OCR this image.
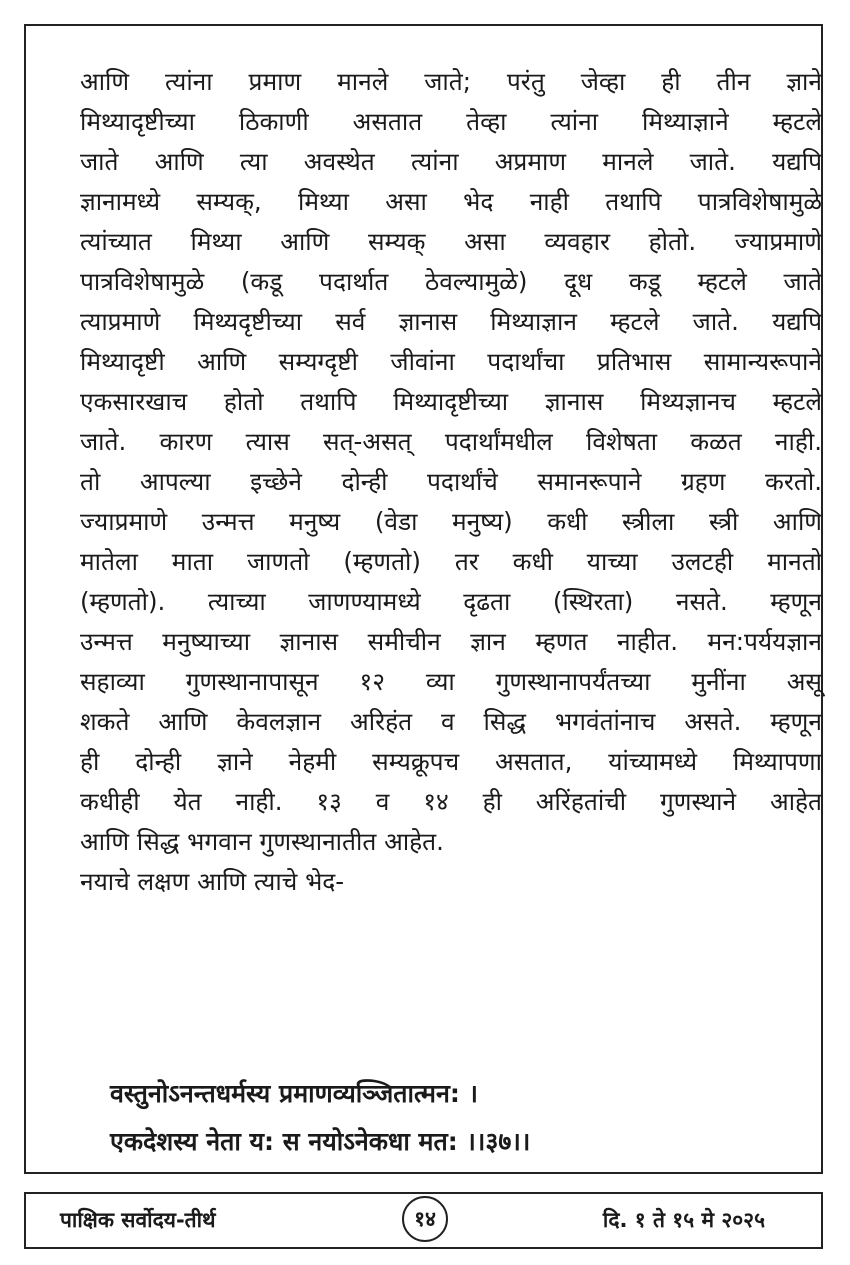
आणि त्यांना प्रमाण मानले जाते; परंतु जेव्हा ही तीन ज्ञाने
मिथ्यादृष्टीच्या ठिकाणी असतात तेव्हा त्यांना मिथ्याज्ञाने म्हटले
जाते आणि त्या अवस्थेत त्यांना अप्रमाण मानले जाते. यद्यपि
ज्ञानामध्ये सम्यक्, मिथ्या असा भेद नाही तथापि पात्रविशेषामुळे
त्यांच्यात मिथ्या आणि सम्यक् असा व्यवहार होतो. ज्याप्रमाणे
पात्रविशेषामुळे (कडू पदार्थात ठेवल्यामुळे) दूध कडू म्हटले जाते
त्याप्रमाणे मिथ्यदृष्टीच्या सर्व ज्ञानास मिथ्याज्ञान म्हटले जाते. यद्यपि
मिथ्यादृष्टी आणि सम्यग्दृष्टी जीवांना पदार्थांचा प्रतिभास सामान्यरूपाने
एकसारखाच होतो तथापि मिथ्यादृष्टीच्या ज्ञानास मिथ्यज्ञानच म्हटले
जाते. कारण त्यास सत्-असत् पदार्थांमधील विशेषता कळत नाही.
तो आपल्या इच्छेने दोन्ही पदार्थांचे समानरूपाने ग्रहण करतो.
ज्याप्रमाणे उन्मत्त मनुष्य (वेडा मनुष्य) कधी स्त्रीला स्त्री आणि
मातेला माता जाणतो (म्हणतो) तर कधी याच्या उलटही मानतो
(म्हणतो). त्याच्या जाणण्यामध्ये दृढता (स्थिरता) नसते. म्हणून
उन्मत्त मनुष्याच्या ज्ञानास समीचीन ज्ञान म्हणत नाहीत. मन:पर्ययज्ञान
सहाव्या गुणस्थानापासून १२ व्या गुणस्थानापर्यंतच्या मुनींना असू
शकते आणि केवलज्ञान अरिहंत व सिद्ध भगवंतांनाच असते. म्हणून
ही दोन्ही ज्ञाने नेहमी सम्यक्रूपच असतात, यांच्यामध्ये मिथ्यापणा
कधीही येत नाही. १३ व १४ ही अरिंहतांची गुणस्थाने आहेत
आणि सिद्ध भगवान गुणस्थानातीत आहेत.
नयाचे लक्षण आणि त्याचे भेद-
वस्तुनोऽनन्तधर्मस्य प्रमाणव्यञ्जितात्मन: ।
एकदेशस्य नेता य: स नयोऽनेकधा मत: ।।३७।।
पाक्षिक सर्वोदय-तीर्थ	१४	दि. १ ते १५ मे २०२५
